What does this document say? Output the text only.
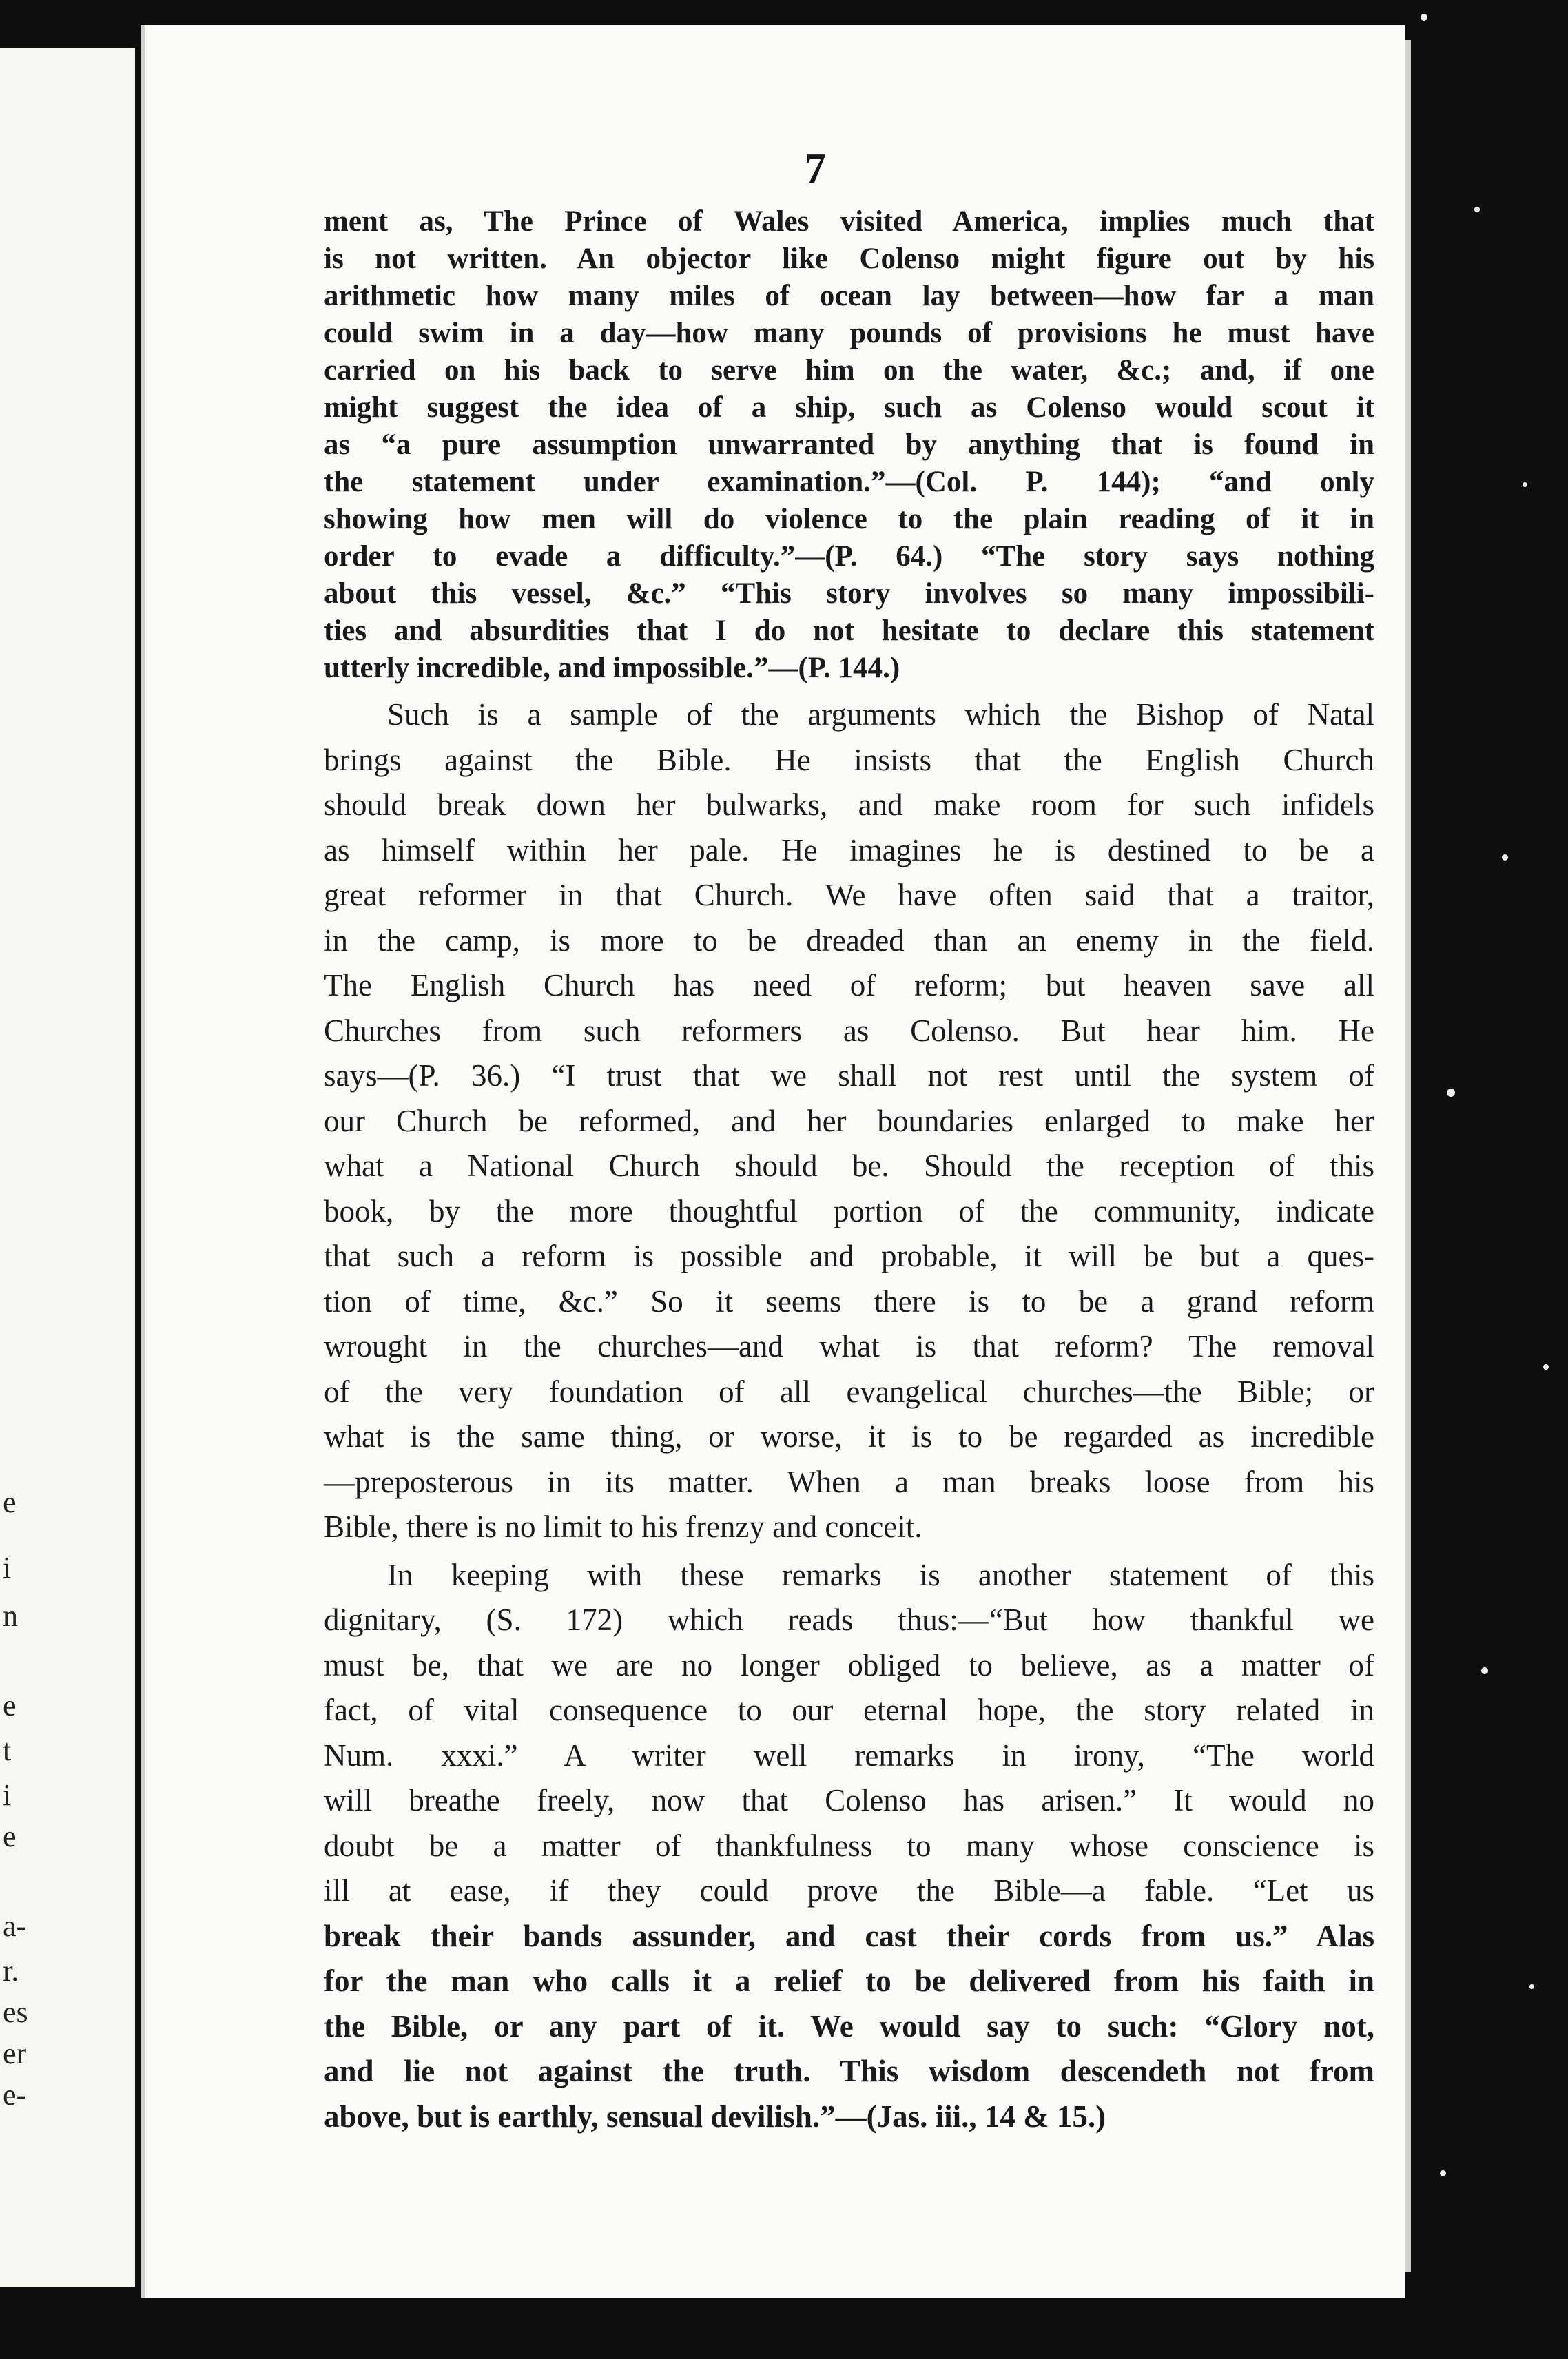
e
i
n
e
t
i
e
a-
r.
es
er
e-
7
ment as, The Prince of Wales visited America, implies much that
is not written. An objector like Colenso might figure out by his
arithmetic how many miles of ocean lay between—how far a man
could swim in a day—how many pounds of provisions he must have
carried on his back to serve him on the water, &c.; and, if one
might suggest the idea of a ship, such as Colenso would scout it
as “a pure assumption unwarranted by anything that is found in
the statement under examination.”—(Col. P. 144); “and only
showing how men will do violence to the plain reading of it in
order to evade a difficulty.”—(P. 64.) “The story says nothing
about this vessel, &c.” “This story involves so many impossibili-
ties and absurdities that I do not hesitate to declare this statement
utterly incredible, and impossible.”—(P. 144.)
Such is a sample of the arguments which the Bishop of Natal
brings against the Bible. He insists that the English Church
should break down her bulwarks, and make room for such infidels
as himself within her pale. He imagines he is destined to be a
great reformer in that Church. We have often said that a traitor,
in the camp, is more to be dreaded than an enemy in the field.
The English Church has need of reform; but heaven save all
Churches from such reformers as Colenso. But hear him. He
says—(P. 36.) “I trust that we shall not rest until the system of
our Church be reformed, and her boundaries enlarged to make her
what a National Church should be. Should the reception of this
book, by the more thoughtful portion of the community, indicate
that such a reform is possible and probable, it will be but a ques-
tion of time, &c.” So it seems there is to be a grand reform
wrought in the churches—and what is that reform? The removal
of the very foundation of all evangelical churches—the Bible; or
what is the same thing, or worse, it is to be regarded as incredible
—preposterous in its matter. When a man breaks loose from his
Bible, there is no limit to his frenzy and conceit.
In keeping with these remarks is another statement of this
dignitary, (S. 172) which reads thus:—“But how thankful we
must be, that we are no longer obliged to believe, as a matter of
fact, of vital consequence to our eternal hope, the story related in
Num. xxxi.” A writer well remarks in irony, “The world
will breathe freely, now that Colenso has arisen.” It would no
doubt be a matter of thankfulness to many whose conscience is
ill at ease, if they could prove the Bible—a fable. “Let us
break their bands assunder, and cast their cords from us.” Alas
for the man who calls it a relief to be delivered from his faith in
the Bible, or any part of it. We would say to such: “Glory not,
and lie not against the truth. This wisdom descendeth not from
above, but is earthly, sensual devilish.”—(Jas. iii., 14 & 15.)
